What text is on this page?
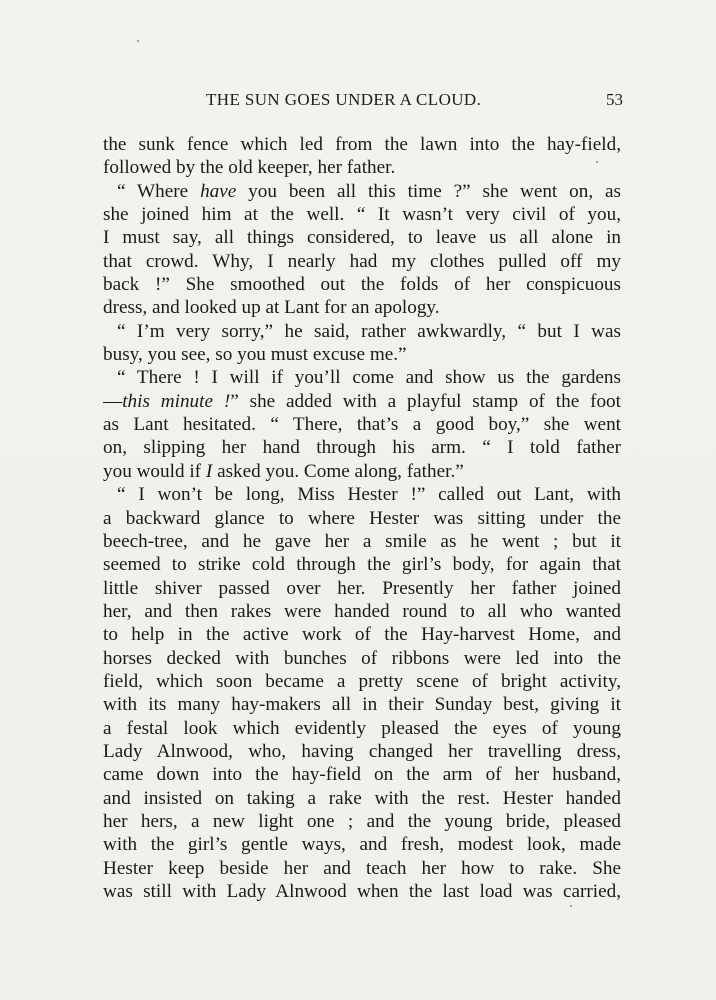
THE SUN GOES UNDER A CLOUD.	53
the sunk fence which led from the lawn into the hay-field,
followed by the old keeper, her father.
“ Where have you been all this time ?” she went on, as
she joined him at the well. “ It wasn’t very civil of you,
I must say, all things considered, to leave us all alone in
that crowd. Why, I nearly had my clothes pulled off my
back !” She smoothed out the folds of her conspicuous
dress, and looked up at Lant for an apology.
“ I’m very sorry,” he said, rather awkwardly, “ but I was
busy, you see, so you must excuse me.”
“ There ! I will if you’ll come and show us the gardens
—this minute !” she added with a playful stamp of the foot
as Lant hesitated. “ There, that’s a good boy,” she went
on, slipping her hand through his arm. “ I told father
you would if I asked you. Come along, father.”
“ I won’t be long, Miss Hester !” called out Lant, with
a backward glance to where Hester was sitting under the
beech-tree, and he gave her a smile as he went ; but it
seemed to strike cold through the girl’s body, for again that
little shiver passed over her. Presently her father joined
her, and then rakes were handed round to all who wanted
to help in the active work of the Hay-harvest Home, and
horses decked with bunches of ribbons were led into the
field, which soon became a pretty scene of bright activity,
with its many hay-makers all in their Sunday best, giving it
a festal look which evidently pleased the eyes of young
Lady Alnwood, who, having changed her travelling dress,
came down into the hay-field on the arm of her husband,
and insisted on taking a rake with the rest. Hester handed
her hers, a new light one ; and the young bride, pleased
with the girl’s gentle ways, and fresh, modest look, made
Hester keep beside her and teach her how to rake. She
was still with Lady Alnwood when the last load was carried,
